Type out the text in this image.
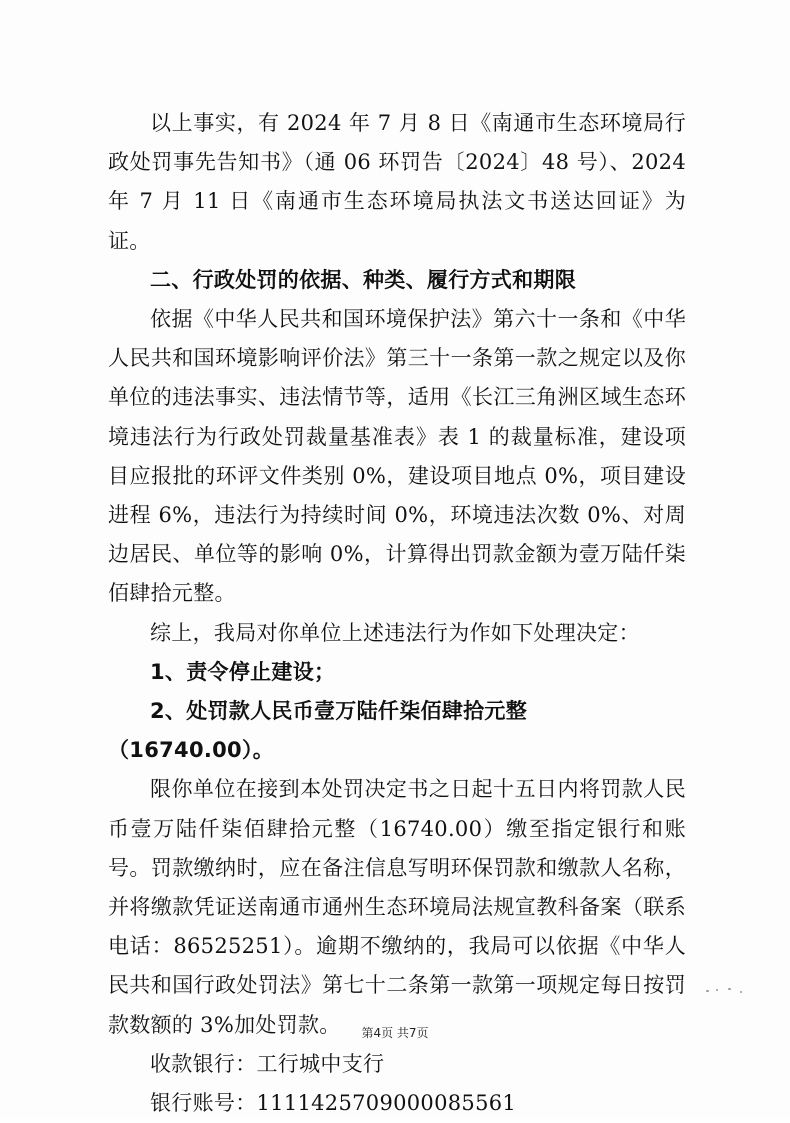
以上事实，有 2024 年 7 月 8 日《南通市生态环境局行政处罚事先告知书》（通 06 环罚告〔2024〕48 号）、2024 年 7 月 11 日《南通市生态环境局执法文书送达回证》为证。

二、行政处罚的依据、种类、履行方式和期限

依据《中华人民共和国环境保护法》第六十一条和《中华人民共和国环境影响评价法》第三十一条第一款之规定以及你单位的违法事实、违法情节等，适用《长江三角洲区域生态环境违法行为行政处罚裁量基准表》表 1 的裁量标准，建设项目应报批的环评文件类别 0%，建设项目地点 0%，项目建设进程 6%，违法行为持续时间 0%，环境违法次数 0%、对周边居民、单位等的影响 0%，计算得出罚款金额为壹万陆仟柒佰肆拾元整。

综上，我局对你单位上述违法行为作如下处理决定：

1、责令停止建设；

2、处罚款人民币壹万陆仟柒佰肆拾元整（16740.00）。

限你单位在接到本处罚决定书之日起十五日内将罚款人民币壹万陆仟柒佰肆拾元整（16740.00）缴至指定银行和账号。罚款缴纳时，应在备注信息写明环保罚款和缴款人名称，并将缴款凭证送南通市通州生态环境局法规宣教科备案（联系电话：86525251）。逾期不缴纳的，我局可以依据《中华人民共和国行政处罚法》第七十二条第一款第一项规定每日按罚款数额的 3%加处罚款。

收款银行：工行城中支行

银行账号：1111425709000085561

第4页 共7页
